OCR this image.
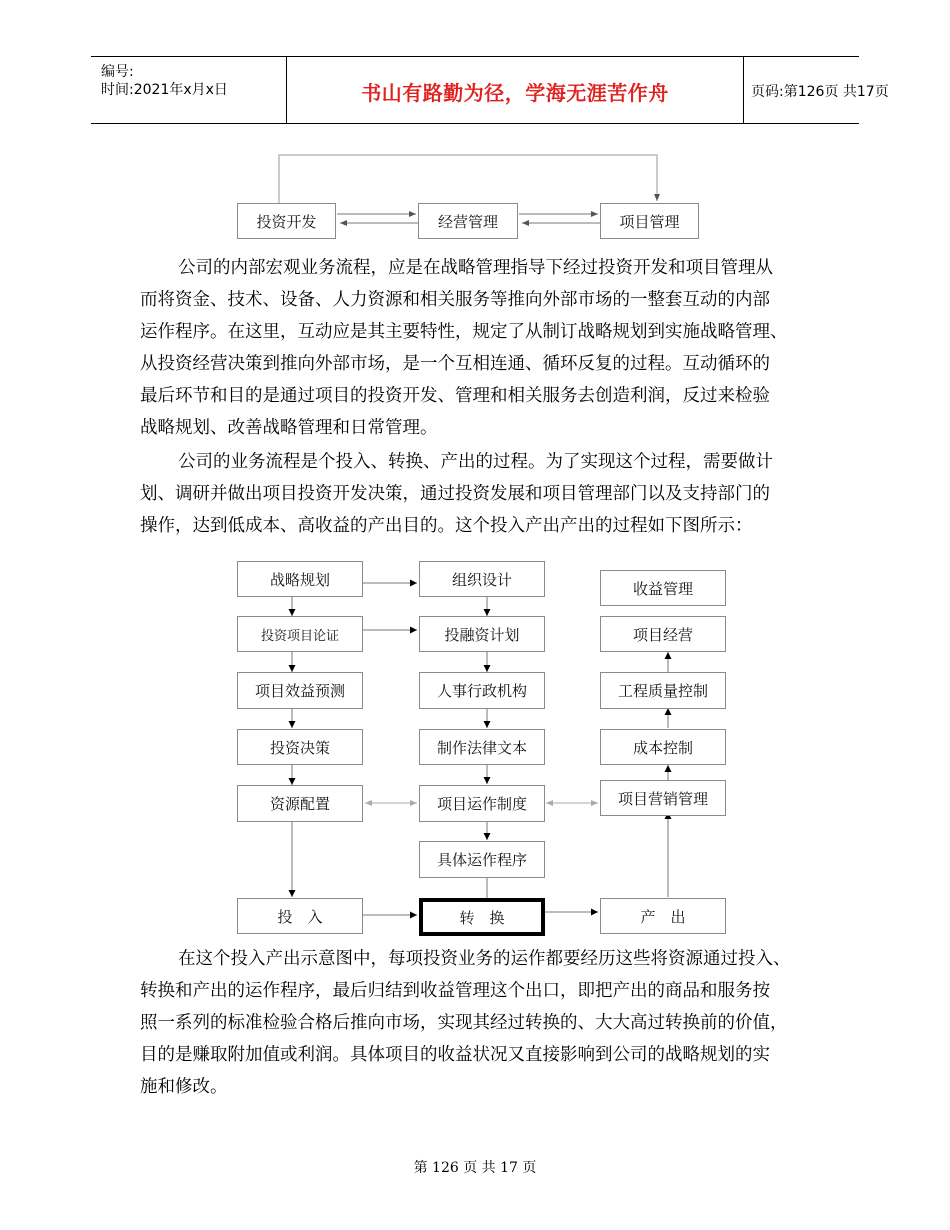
编号:
时间:2021年x月x日	书山有路勤为径，学海无涯苦作舟	页码:第126页 共17页
投资开发	经营管理	项目管理
公司的内部宏观业务流程，应是在战略管理指导下经过投资开发和项目管理从
而将资金、技术、设备、人力资源和相关服务等推向外部市场的一整套互动的内部
运作程序。在这里，互动应是其主要特性，规定了从制订战略规划到实施战略管理、
从投资经营决策到推向外部市场，是一个互相连通、循环反复的过程。互动循环的
最后环节和目的是通过项目的投资开发、管理和相关服务去创造利润，反过来检验
战略规划、改善战略管理和日常管理。
公司的业务流程是个投入、转换、产出的过程。为了实现这个过程，需要做计
划、调研并做出项目投资开发决策，通过投资发展和项目管理部门以及支持部门的
操作，达到低成本、高收益的产出目的。这个投入产出产出的过程如下图所示：
战略规划
投资项目论证
项目效益预测
投资决策
资源配置
投　入
组织设计
投融资计划
人事行政机构
制作法律文本
项目运作制度
具体运作程序
转　换
收益管理
项目经营
工程质量控制
成本控制
项目营销管理
产　出
在这个投入产出示意图中，每项投资业务的运作都要经历这些将资源通过投入、
转换和产出的运作程序，最后归结到收益管理这个出口，即把产出的商品和服务按
照一系列的标准检验合格后推向市场，实现其经过转换的、大大高过转换前的价值，
目的是赚取附加值或利润。具体项目的收益状况又直接影响到公司的战略规划的实
施和修改。
第 126 页 共 17 页
